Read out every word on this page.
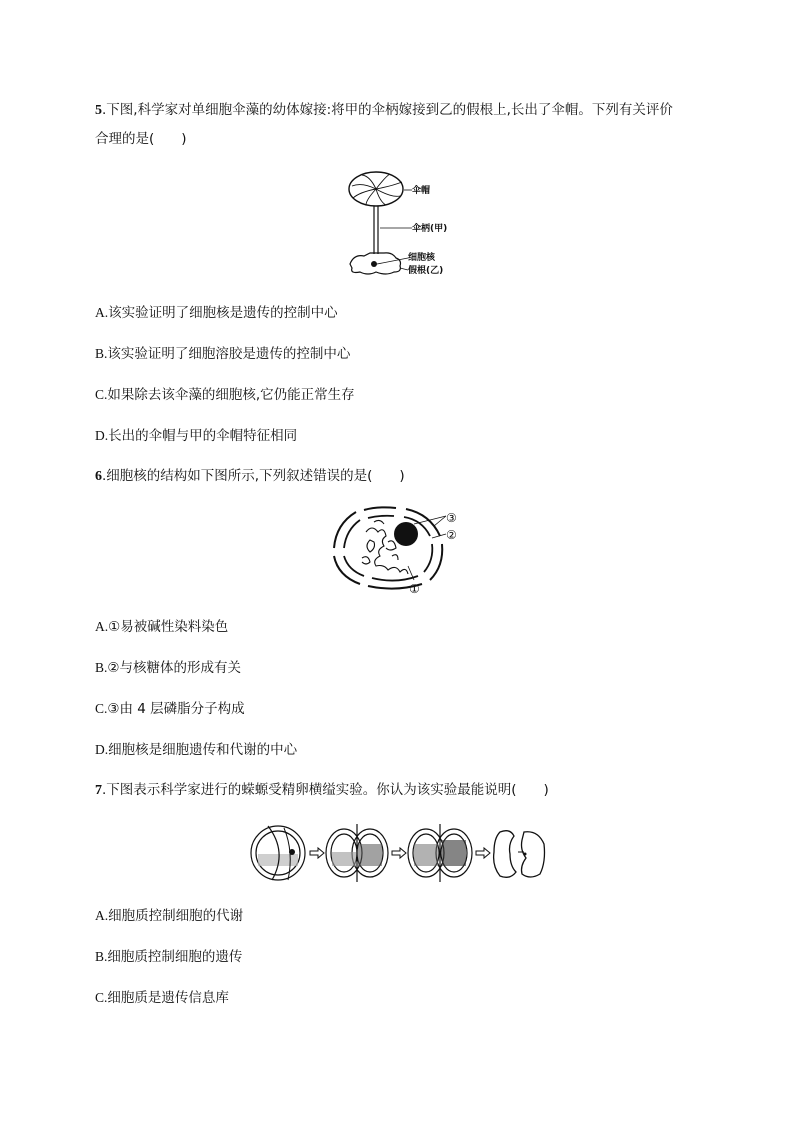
5.下图,科学家对单细胞伞藻的幼体嫁接:将甲的伞柄嫁接到乙的假根上,长出了伞帽。下列有关评价
合理的是(　　)
伞帽
伞柄(甲)
细胞核
假根(乙)
A.该实验证明了细胞核是遗传的控制中心
B.该实验证明了细胞溶胶是遗传的控制中心
C.如果除去该伞藻的细胞核,它仍能正常生存
D.长出的伞帽与甲的伞帽特征相同
6.细胞核的结构如下图所示,下列叙述错误的是(　　)
③
②
①
A.①易被碱性染料染色
B.②与核糖体的形成有关
C.③由 4 层磷脂分子构成
D.细胞核是细胞遗传和代谢的中心
7.下图表示科学家进行的蝾螈受精卵横缢实验。你认为该实验最能说明(　　)
A.细胞质控制细胞的代谢
B.细胞质控制细胞的遗传
C.细胞质是遗传信息库
